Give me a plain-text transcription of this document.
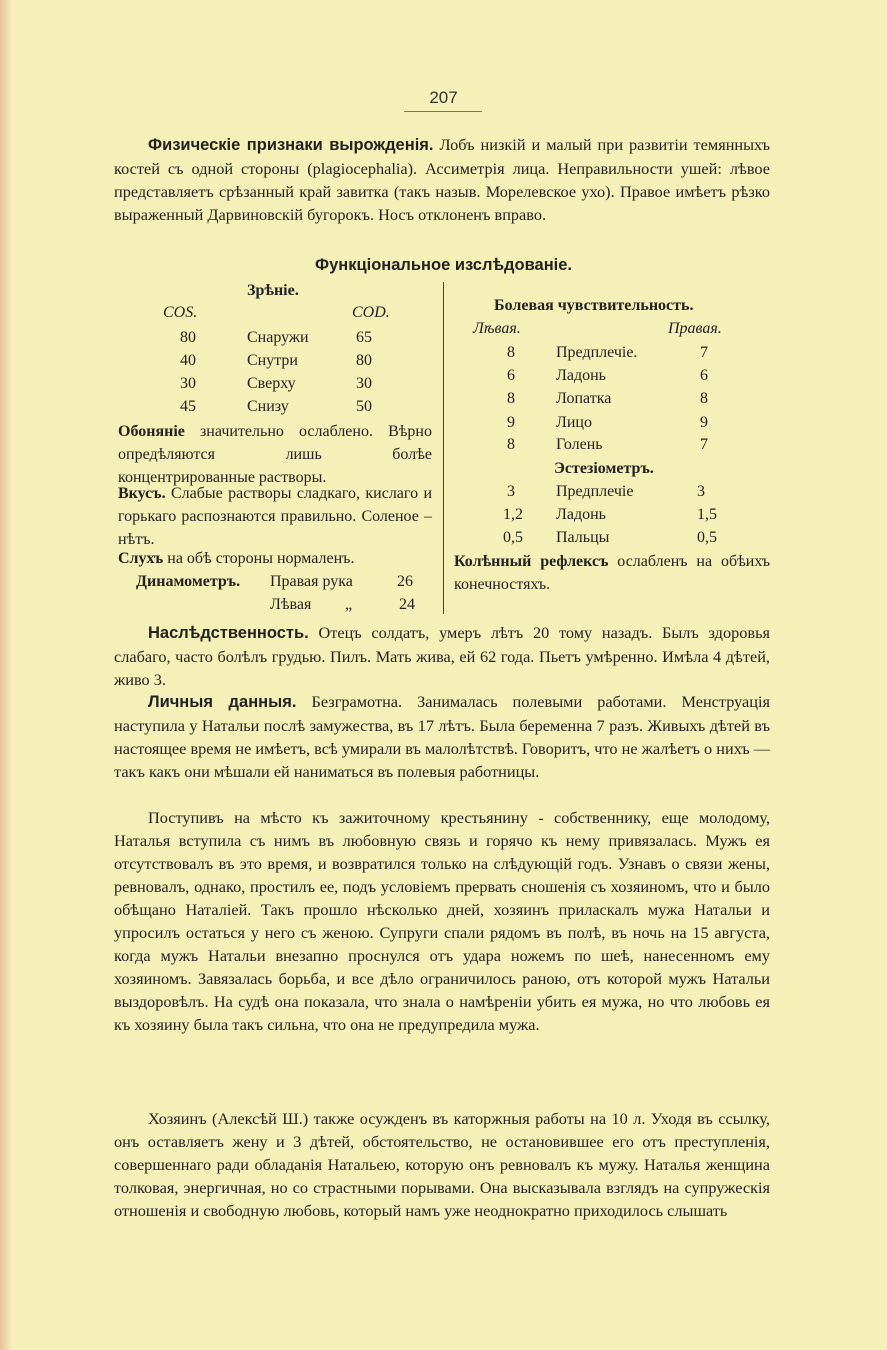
207

Физическiе признаки вырожденiя. Лобъ низкiй и малый при развитiи темянныхъ костей съ одной стороны (plagiocephalia). Ассиметрiя лица. Неправильности ушей: лѣвое представляетъ срѣзанный край завитка (такъ назыв. Морелевское ухо). Правое имѣетъ рѣзко выраженный Дарвиновскiй бугорокъ. Носъ отклоненъ вправо.

Функцiональное изслѣдованiе.
Зрѣнiе.
COS.	COD.
80	Снаружи	65
40	Снутри	80
30	Сверху	30
45	Снизу	50

Обонянiе значительно ослаблено. Вѣрно опредѣляются лишь болѣе концентрированные растворы.

Вкусъ. Слабые растворы сладкаго, кислаго и горькаго распознаются правильно. Соленое – нѣтъ.

Слухъ на обѣ стороны нормаленъ.

Динамометръ. Правая рука	26
Лѣвая „	24
Болевая чувствительность.
Лѣвая.	Правая.
8	Предплечiе.	7
6	Ладонь	6
8	Лопатка	8
9	Лицо	9
8	Голень	7
Эстезiометръ.
3	Предплечiе	3
1,2 Ладонь	1,5
0,5 Пальцы	0,5

Колѣнный рефлексъ ослабленъ на обѣихъ конечностяхъ.

Наслѣдственность. Отецъ солдатъ, умеръ лѣтъ 20 тому назадъ. Былъ здоровья слабаго, часто болѣлъ грудью. Пилъ. Мать жива, ей 62 года. Пьетъ умѣренно. Имѣла 4 дѣтей, живо 3.

Личныя данныя. Безграмотна. Занималась полевыми работами. Менструацiя наступила у Натальи послѣ замужества, въ 17 лѣтъ. Была беременна 7 разъ. Живыхъ дѣтей въ настоящее время не имѣетъ, всѣ умирали въ малолѣтствѣ. Говоритъ, что не жалѣетъ о нихъ — такъ какъ они мѣшали ей наниматься въ полевыя работницы.

Поступивъ на мѣсто къ зажиточному крестьянину - собственнику, еще молодому, Наталья вступила съ нимъ въ любовную связь и горячо къ нему привязалась. Мужъ ея отсутствовалъ въ это время, и возвратился только на слѣдующiй годъ. Узнавъ о связи жены, ревновалъ, однако, простилъ ее, подъ условiемъ прервать сношенiя съ хозяиномъ, что и было обѣщано Наталiей. Такъ прошло нѣсколько дней, хозяинъ приласкалъ мужа Натальи и упросилъ остаться у него съ женою. Супруги спали рядомъ въ полѣ, въ ночь на 15 августа, когда мужъ Натальи внезапно проснулся отъ удара ножемъ по шеѣ, нанесенномъ ему хозяиномъ. Завязалась борьба, и все дѣло ограничилось раною, отъ которой мужъ Натальи выздоровѣлъ. На судѣ она показала, что знала о намѣренiи убить ея мужа, но что любовь ея къ хозяину была такъ сильна, что она не предупредила мужа.

Хозяинъ (Алексѣй Ш.) также осужденъ въ каторжныя работы на 10 л. Уходя въ ссылку, онъ оставляетъ жену и 3 дѣтей, обстоятельство, не остановившее его отъ преступленiя, совершеннаго ради обладанiя Натальею, которую онъ ревновалъ къ мужу. Наталья женщина толковая, энергичная, но со страстными порывами. Она высказывала взглядъ на супружескiя отношенiя и свободную любовь, который намъ уже неоднократно приходилось слышать
